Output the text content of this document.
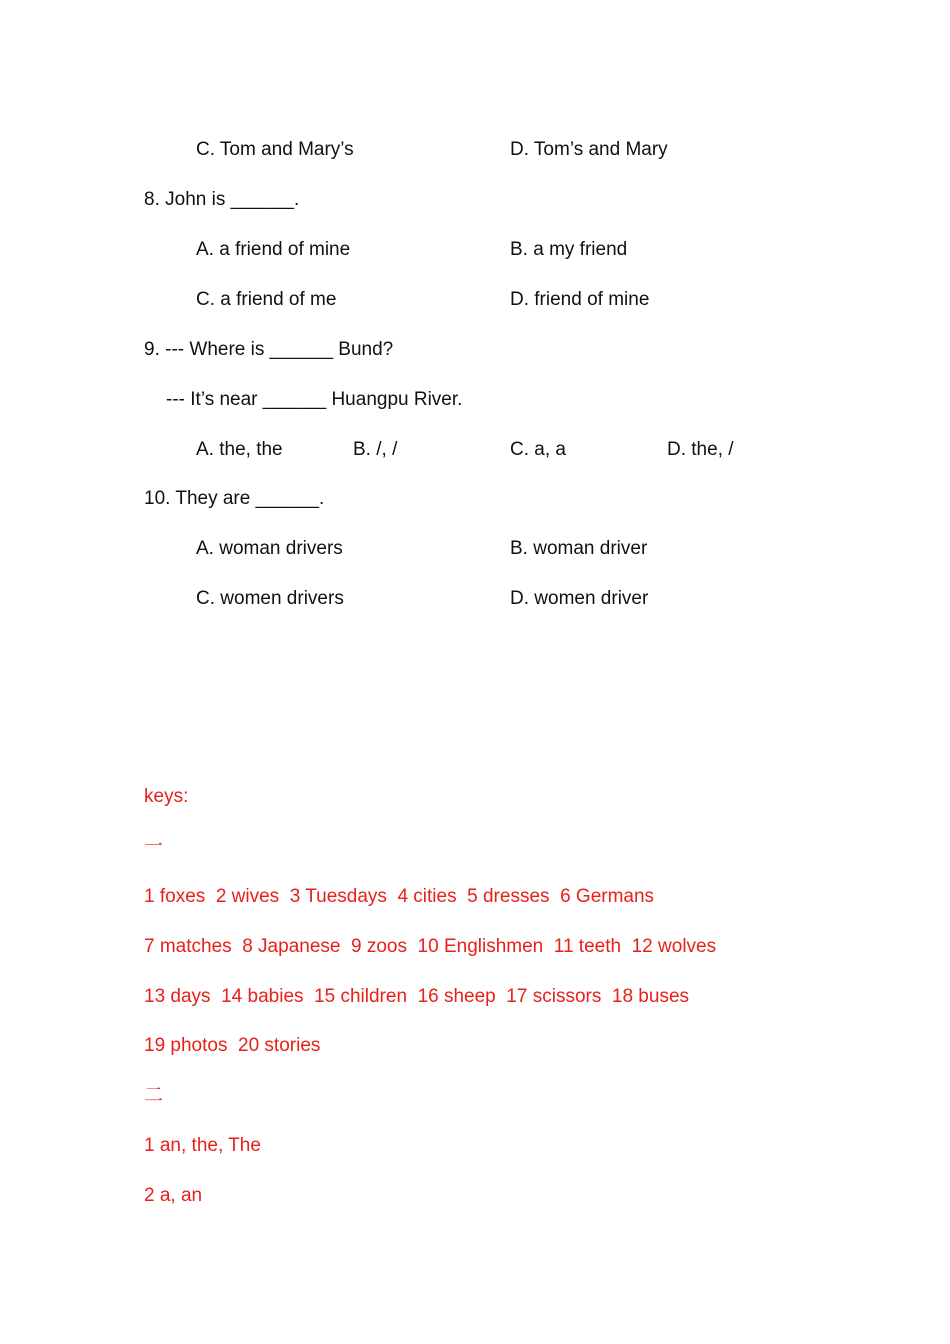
C. Tom and Mary’s	D. Tom’s and Mary
8. John is ______.
A. a friend of mine	B. a my friend
C. a friend of me	D. friend of mine
9. --- Where is ______ Bund?
--- It’s near ______ Huangpu River.
A. the, the	B. /, /	C. a, a	D. the, /
10. They are ______.
A. woman drivers	B. woman driver
C. women drivers	D. women driver
keys:
一
1 foxes  2 wives  3 Tuesdays  4 cities  5 dresses  6 Germans
7 matches  8 Japanese  9 zoos  10 Englishmen  11 teeth  12 wolves
13 days  14 babies  15 children  16 sheep  17 scissors  18 buses
19 photos  20 stories
二
1 an, the, The
2 a, an
